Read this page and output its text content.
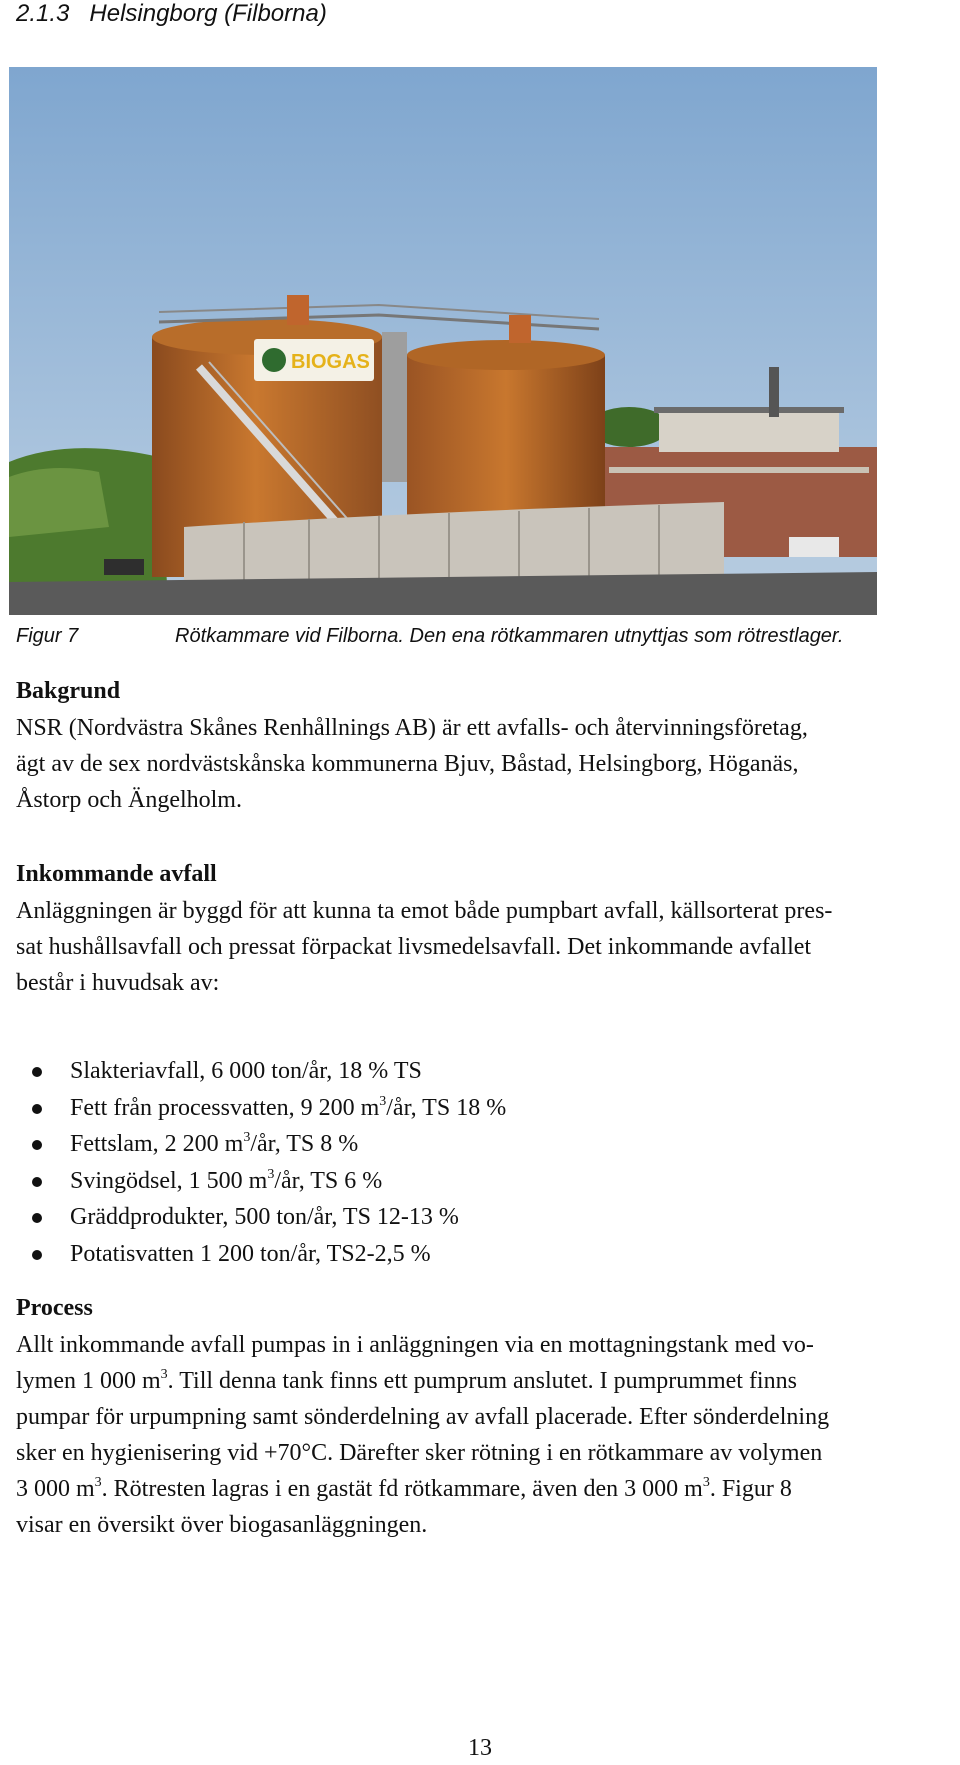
2.1.3   Helsingborg (Filborna)
BIOGAS
Figur 7	Rötkammare vid Filborna. Den ena rötkammaren utnyttjas som rötrestlager.
Bakgrund
NSR (Nordvästra Skånes Renhållnings AB) är ett avfalls- och återvinningsföretag,
ägt av de sex nordvästskånska kommunerna Bjuv, Båstad, Helsingborg, Höganäs,
Åstorp och Ängelholm.
Inkommande avfall
Anläggningen är byggd för att kunna ta emot både pumpbart avfall, källsorterat pres-
sat hushållsavfall och pressat förpackat livsmedelsavfall. Det inkommande avfallet
består i huvudsak av:
Slakteriavfall, 6 000 ton/år, 18 % TS
Fett från processvatten, 9 200 $m^3/år$, TS 18 %
Fettslam, 2 200 $m^3/år$, TS 8 %
Svingödsel, 1 500 $m^3/år$, TS 6 %
Gräddprodukter, 500 ton/år, TS 12-13 %
Potatisvatten 1 200 ton/år, TS2-2,5 %
Process
Allt inkommande avfall pumpas in i anläggningen via en mottagningstank med vo-
lymen 1 000 $m^3$. Till denna tank finns ett pumprum anslutet. I pumprummet finns
pumpar för urpumpning samt sönderdelning av avfall placerade. Efter sönderdelning
sker en hygienisering vid +70°C. Därefter sker rötning i en rötkammare av volymen
3 000 $m^3$. Rötresten lagras i en gastät fd rötkammare, även den 3 000 $m^3$. Figur 8
visar en översikt över biogasanläggningen.
13
